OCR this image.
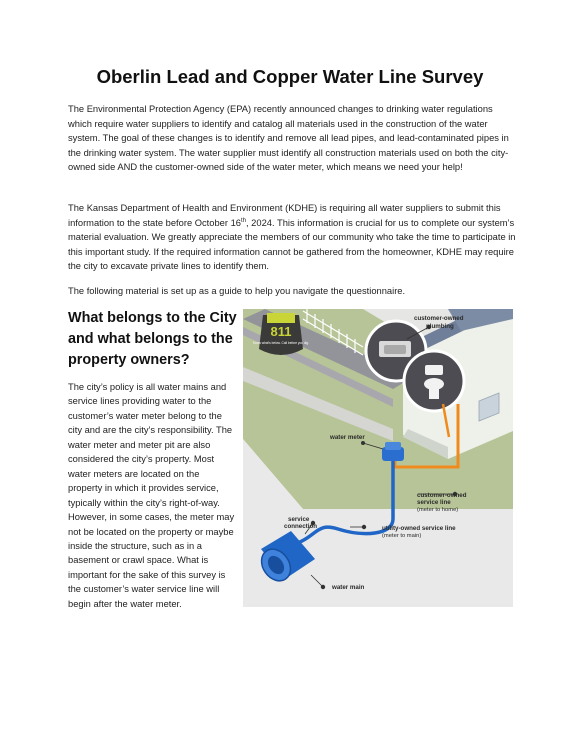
Oberlin Lead and Copper Water Line Survey
The Environmental Protection Agency (EPA) recently announced changes to drinking water regulations which require water suppliers to identify and catalog all materials used in the construction of the water system. The goal of these changes is to identify and remove all lead pipes, and lead-contaminated pipes in the drinking water system. The water supplier must identify all construction materials used on both the city-owned side AND the customer-owned side of the water meter, which means we need your help!
The Kansas Department of Health and Environment (KDHE) is requiring all water suppliers to submit this information to the state before October 16th, 2024. This information is crucial for us to complete our system’s material evaluation. We greatly appreciate the members of our community who take the time to participate in this important study. If the required information cannot be gathered from the homeowner, KDHE may require the city to excavate private lines to identify them.
The following material is set up as a guide to help you navigate the questionnaire.
What belongs to the City and what belongs to the property owners?
The city’s policy is all water mains and service lines providing water to the customer’s water meter belong to the city and are the city’s responsibility. The water meter and meter pit are also considered the city’s property. Most water meters are located on the property in which it provides service, typically within the city’s right-of-way. However, in some cases, the meter may not be located on the property or maybe inside the structure, such as in a basement or crawl space. What is important for the sake of this survey is the customer’s water service line will begin after the water meter.
811
Know what's below. Call before you dig.
customer-owned
plumbing
water meter
customer-owned
service line
(meter to home)
service
connection	utility-owned service line
(meter to main)
water main
